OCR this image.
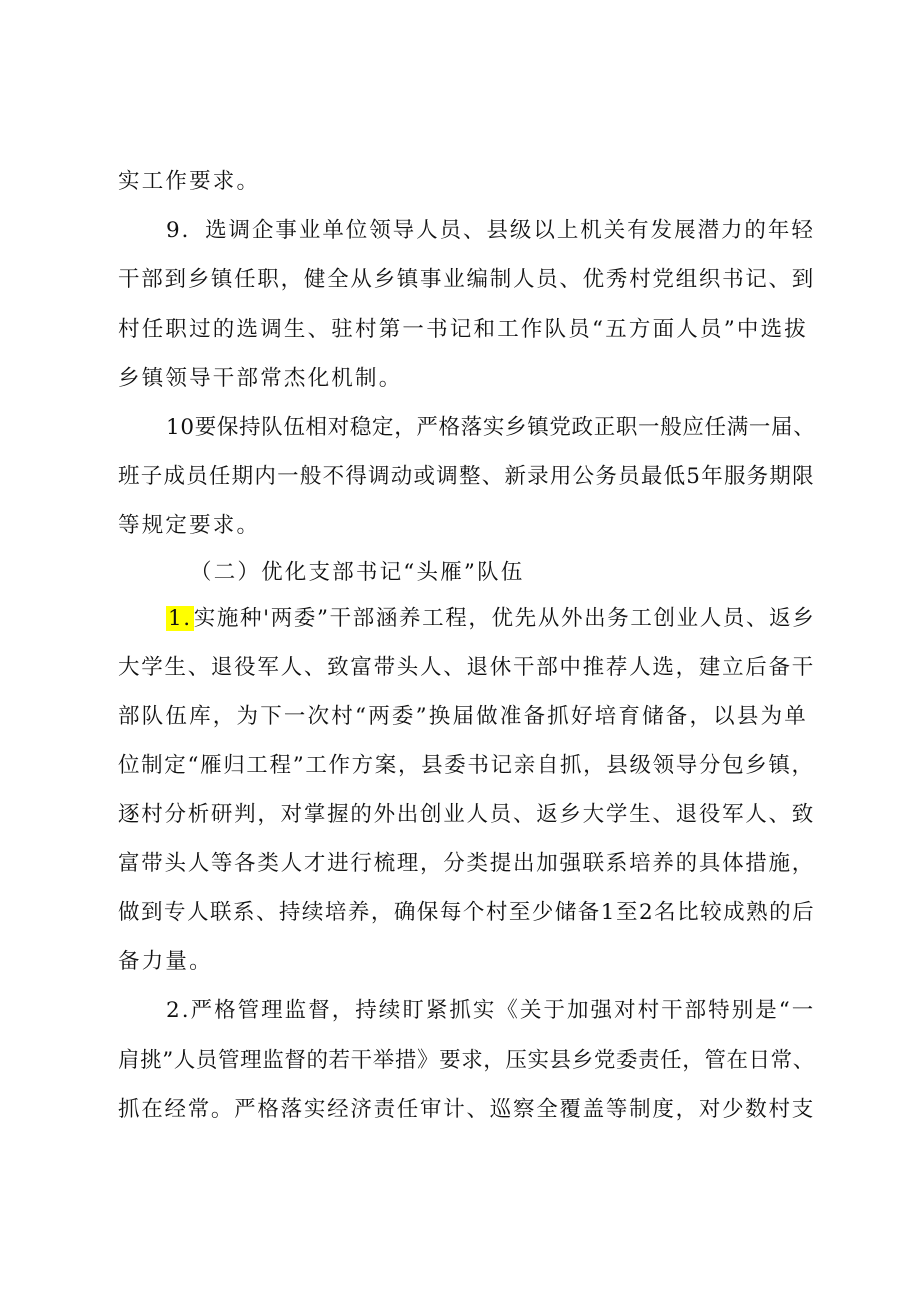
实工作要求。
9．选调企事业单位领导人员、县级以上机关有发展潜力的年轻
干部到乡镇任职，健全从乡镇事业编制人员、优秀村党组织书记、到
村任职过的选调生、驻村第一书记和工作队员“五方面人员”中选拔
乡镇领导干部常杰化机制。
10要保持队伍相对稳定，严格落实乡镇党政正职一般应任满一届、
班子成员任期内一般不得调动或调整、新录用公务员最低5年服务期限
等规定要求。
（二）优化支部书记“头雁”队伍
1.实施种'两委”干部涵养工程，优先从外出务工创业人员、返乡
大学生、退役军人、致富带头人、退休干部中推荐人选，建立后备干
部队伍库，为下一次村“两委”换届做准备抓好培育储备，以县为单
位制定“雁归工程”工作方案，县委书记亲自抓，县级领导分包乡镇，
逐村分析研判，对掌握的外出创业人员、返乡大学生、退役军人、致
富带头人等各类人才进行梳理，分类提出加强联系培养的具体措施，
做到专人联系、持续培养，确保每个村至少储备1至2名比较成熟的后
备力量。
2.严格管理监督，持续盯紧抓实《关于加强对村干部特别是“一
肩挑”人员管理监督的若干举措》要求，压实县乡党委责任，管在日常、
抓在经常。严格落实经济责任审计、巡察全覆盖等制度，对少数村支
